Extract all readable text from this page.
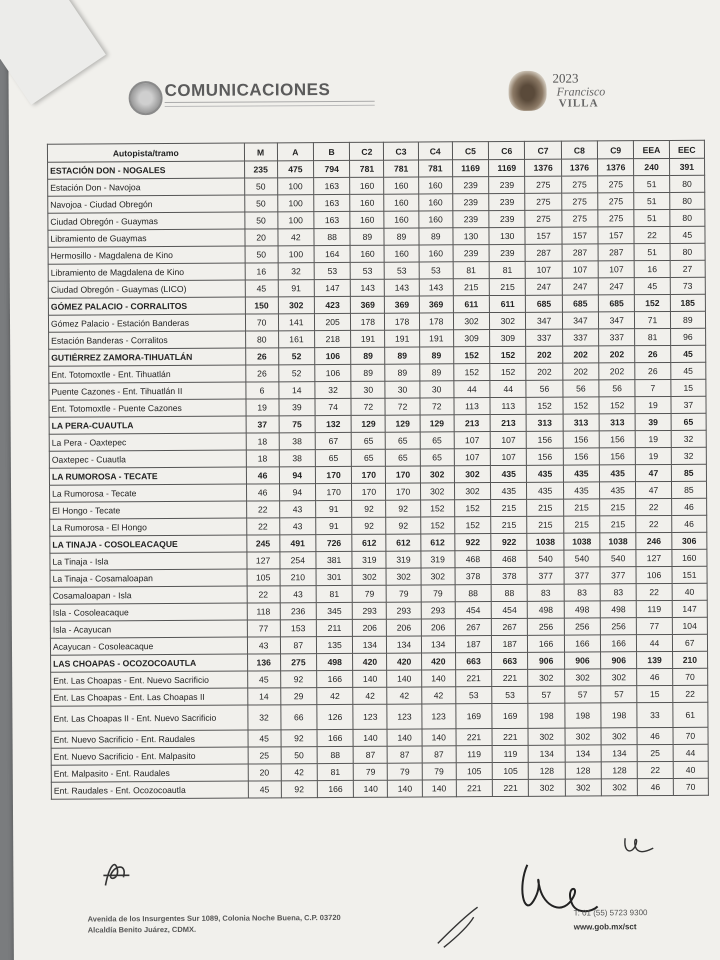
COMUNICACIONES
2023
Francisco
VILLA
Autopista/tramo	M	A	B	C2	C3	C4	C5	C6	C7	C8	C9	EEA	EEC
ESTACIÓN DON - NOGALES	235	475	794	781	781	781	1169	1169	1376	1376	1376	240	391
Estación Don - Navojoa	50	100	163	160	160	160	239	239	275	275	275	51	80
Navojoa - Ciudad Obregón	50	100	163	160	160	160	239	239	275	275	275	51	80
Ciudad Obregón - Guaymas	50	100	163	160	160	160	239	239	275	275	275	51	80
Libramiento de Guaymas	20	42	88	89	89	89	130	130	157	157	157	22	45
Hermosillo - Magdalena de Kino	50	100	164	160	160	160	239	239	287	287	287	51	80
Libramiento de Magdalena de Kino	16	32	53	53	53	53	81	81	107	107	107	16	27
Ciudad Obregón - Guaymas (LICO)	45	91	147	143	143	143	215	215	247	247	247	45	73
GÓMEZ PALACIO - CORRALITOS	150	302	423	369	369	369	611	611	685	685	685	152	185
Gómez Palacio - Estación Banderas	70	141	205	178	178	178	302	302	347	347	347	71	89
Estación Banderas - Corralitos	80	161	218	191	191	191	309	309	337	337	337	81	96
GUTIÉRREZ ZAMORA-TIHUATLÁN	26	52	106	89	89	89	152	152	202	202	202	26	45
Ent. Totomoxtle - Ent. Tihuatlán	26	52	106	89	89	89	152	152	202	202	202	26	45
Puente Cazones - Ent. Tihuatlán II	6	14	32	30	30	30	44	44	56	56	56	7	15
Ent. Totomoxtle - Puente Cazones	19	39	74	72	72	72	113	113	152	152	152	19	37
LA PERA-CUAUTLA	37	75	132	129	129	129	213	213	313	313	313	39	65
La Pera - Oaxtepec	18	38	67	65	65	65	107	107	156	156	156	19	32
Oaxtepec - Cuautla	18	38	65	65	65	65	107	107	156	156	156	19	32
LA RUMOROSA - TECATE	46	94	170	170	170	302	302	435	435	435	435	47	85
La Rumorosa - Tecate	46	94	170	170	170	302	302	435	435	435	435	47	85
El Hongo - Tecate	22	43	91	92	92	152	152	215	215	215	215	22	46
La Rumorosa - El Hongo	22	43	91	92	92	152	152	215	215	215	215	22	46
LA TINAJA - COSOLEACAQUE	245	491	726	612	612	612	922	922	1038	1038	1038	246	306
La Tinaja - Isla	127	254	381	319	319	319	468	468	540	540	540	127	160
La Tinaja - Cosamaloapan	105	210	301	302	302	302	378	378	377	377	377	106	151
Cosamaloapan - Isla	22	43	81	79	79	79	88	88	83	83	83	22	40
Isla - Cosoleacaque	118	236	345	293	293	293	454	454	498	498	498	119	147
Isla - Acayucan	77	153	211	206	206	206	267	267	256	256	256	77	104
Acayucan - Cosoleacaque	43	87	135	134	134	134	187	187	166	166	166	44	67
LAS CHOAPAS - OCOZOCOAUTLA	136	275	498	420	420	420	663	663	906	906	906	139	210
Ent. Las Choapas - Ent. Nuevo Sacrificio	45	92	166	140	140	140	221	221	302	302	302	46	70
Ent. Las Choapas - Ent. Las Choapas II	14	29	42	42	42	42	53	53	57	57	57	15	22
Ent. Las Choapas II - Ent. Nuevo Sacrificio	32	66	126	123	123	123	169	169	198	198	198	33	61
Ent. Nuevo Sacrificio - Ent. Raudales	45	92	166	140	140	140	221	221	302	302	302	46	70
Ent. Nuevo Sacrificio - Ent. Malpasito	25	50	88	87	87	87	119	119	134	134	134	25	44
Ent. Malpasito - Ent. Raudales	20	42	81	79	79	79	105	105	128	128	128	22	40
Ent. Raudales - Ent. Ocozocoautla	45	92	166	140	140	140	221	221	302	302	302	46	70
Avenida de los Insurgentes Sur 1089, Colonia Noche Buena, C.P. 03720
Alcaldía Benito Juárez, CDMX.
T: 01 (55) 5723 9300
www.gob.mx/sct
